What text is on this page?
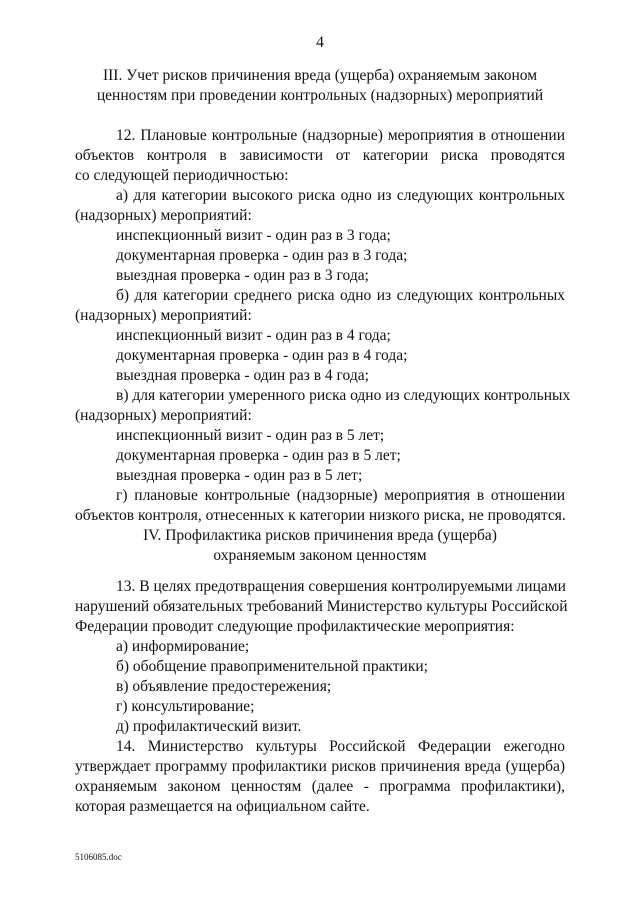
4
III. Учет рисков причинения вреда (ущерба) охраняемым законом
ценностям при проведении контрольных (надзорных) мероприятий
12. Плановые контрольные (надзорные) мероприятия в отношении
объектов контроля в зависимости от категории риска проводятся
со следующей периодичностью:
а) для категории высокого риска одно из следующих контрольных
(надзорных) мероприятий:
инспекционный визит - один раз в 3 года;
документарная проверка - один раз в 3 года;
выездная проверка - один раз в 3 года;
б) для категории среднего риска одно из следующих контрольных
(надзорных) мероприятий:
инспекционный визит - один раз в 4 года;
документарная проверка - один раз в 4 года;
выездная проверка - один раз в 4 года;
в) для категории умеренного риска одно из следующих контрольных
(надзорных) мероприятий:
инспекционный визит - один раз в 5 лет;
документарная проверка - один раз в 5 лет;
выездная проверка - один раз в 5 лет;
г) плановые контрольные (надзорные) мероприятия в отношении
объектов контроля, отнесенных к категории низкого риска, не проводятся.
IV. Профилактика рисков причинения вреда (ущерба)
охраняемым законом ценностям
13. В целях предотвращения совершения контролируемыми лицами
нарушений обязательных требований Министерство культуры Российской
Федерации проводит следующие профилактические мероприятия:
а) информирование;
б) обобщение правоприменительной практики;
в) объявление предостережения;
г) консультирование;
д) профилактический визит.
14. Министерство культуры Российской Федерации ежегодно
утверждает программу профилактики рисков причинения вреда (ущерба)
охраняемым законом ценностям (далее - программа профилактики),
которая размещается на официальном сайте.
5106085.doc
